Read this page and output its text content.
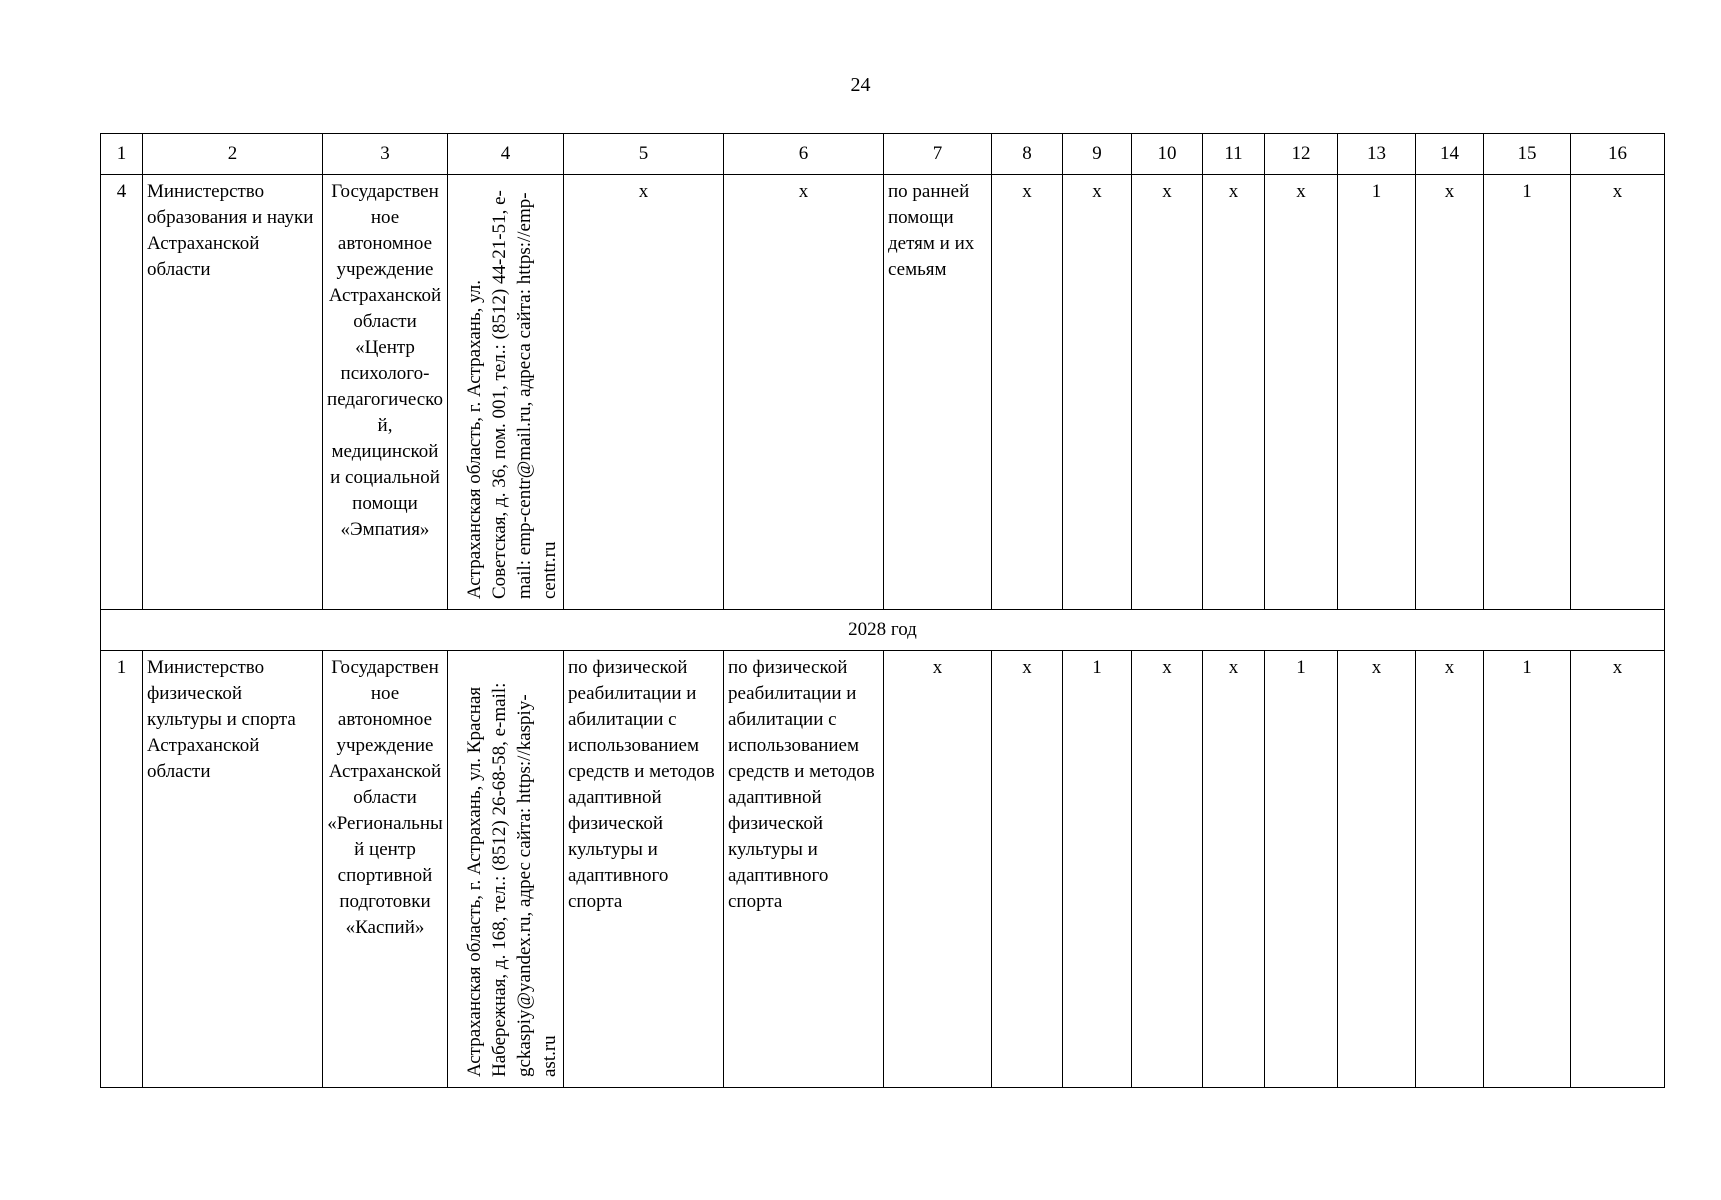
24
1	2	3	4	5	6	7	8	9	10	11	12	13	14	15	16
4	Министерство образования и науки Астраханской области	Государственное автономное учреждение Астраханской области «Центр психолого-педагогической, медицинской и социальной помощи «Эмпатия»	Астраханская область, г. Астрахань, ул. Советская, д. 36, пом. 001, тел.: (8512) 44-21-51, e-mail: emp-centr@mail.ru, адреса сайта: https://emp-centr.ru	х	х	по ранней помощи детям и их семьям	х	х	х	х	х	1	х	1	х
2028 год															
1	Министерство физической культуры и спорта Астраханской области	Государственное автономное учреждение Астраханской области «Региональный центр спортивной подготовки «Каспий»	Астраханская область, г. Астрахань, ул. Красная Набережная, д. 168, тел.: (8512) 26-68-58, e-mail: gckaspiy@yandex.ru, адрес сайта: https://kaspiy-ast.ru	по физической реабилитации и абилитации с использованием средств и методов адаптивной физической культуры и адаптивного спорта	по физической реабилитации и абилитации с использованием средств и методов адаптивной физической культуры и адаптивного спорта	х	х	1	х	х	1	х	х	1	х
